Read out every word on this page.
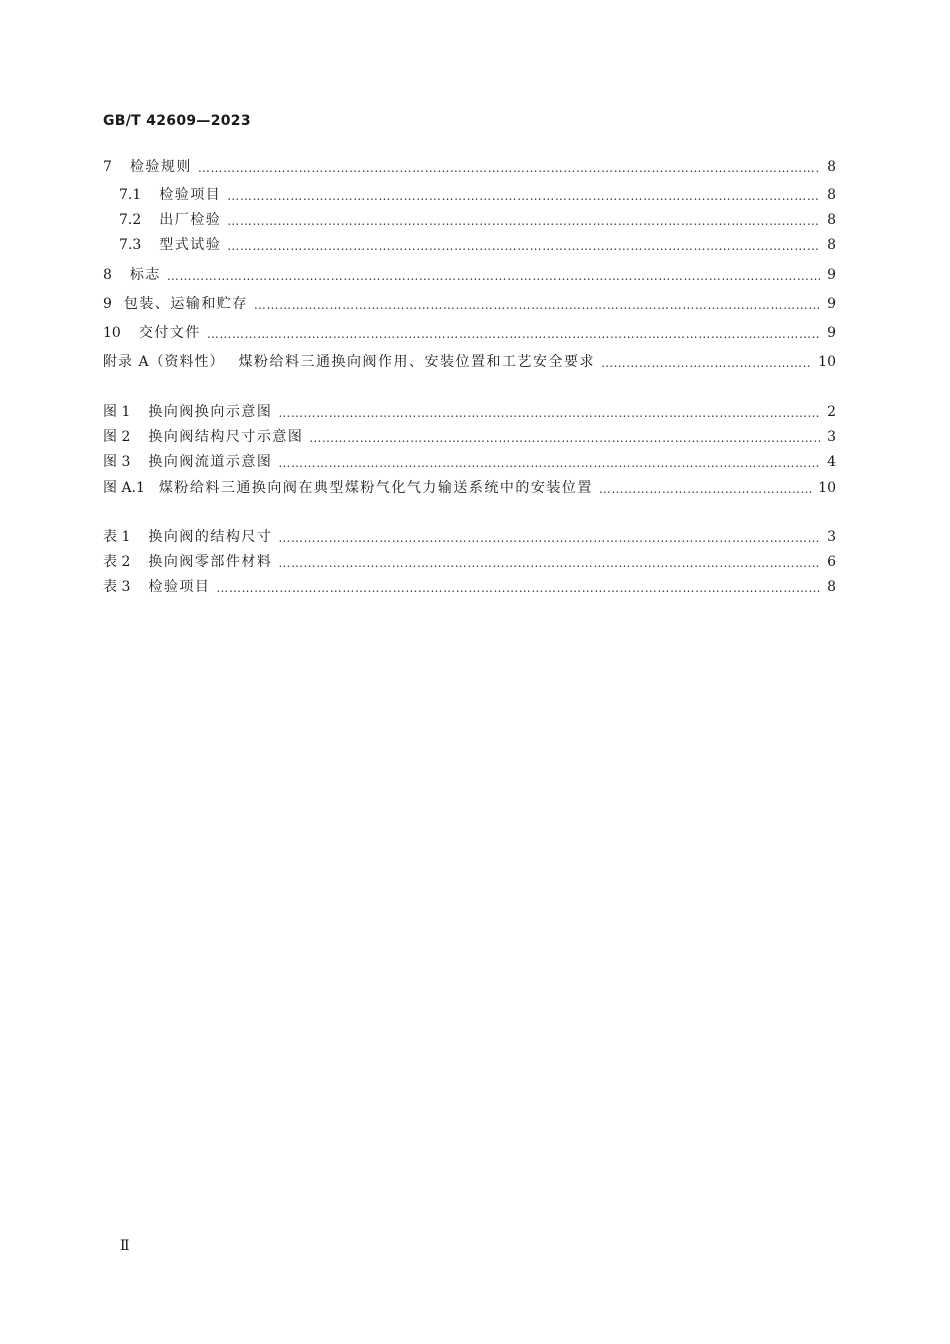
GB/T 42609—2023
7 检验规则 ……………………………………………………………………………………………………………………………………………………………………………………………………………………………………………	8
7.1 检验项目 ……………………………………………………………………………………………………………………………………………………………………………………………………………………………………………	8
7.2 出厂检验 ……………………………………………………………………………………………………………………………………………………………………………………………………………………………………………	8
7.3 型式试验 ……………………………………………………………………………………………………………………………………………………………………………………………………………………………………………	8
8 标志 ……………………………………………………………………………………………………………………………………………………………………………………………………………………………………………	9
9 包装、运输和贮存 ……………………………………………………………………………………………………………………………………………………………………………………………………………………………………………	9
10 交付文件 ……………………………………………………………………………………………………………………………………………………………………………………………………………………………………………	9
附录 A（资料性） 煤粉给料三通换向阀作用、安装位置和工艺安全要求 ……………………………………………………………………………………………………………………………………………………………………………………………………………………………………………	10
图 1 换向阀换向示意图 ……………………………………………………………………………………………………………………………………………………………………………………………………………………………………………	2
图 2 换向阀结构尺寸示意图 ……………………………………………………………………………………………………………………………………………………………………………………………………………………………………………	3
图 3 换向阀流道示意图 ……………………………………………………………………………………………………………………………………………………………………………………………………………………………………………	4
图 A.1 煤粉给料三通换向阀在典型煤粉气化气力输送系统中的安装位置 ……………………………………………………………………………………………………………………………………………………………………………………………………………………………………………	10
表 1 换向阀的结构尺寸 ……………………………………………………………………………………………………………………………………………………………………………………………………………………………………………	3
表 2 换向阀零部件材料 ……………………………………………………………………………………………………………………………………………………………………………………………………………………………………………	6
表 3 检验项目 ……………………………………………………………………………………………………………………………………………………………………………………………………………………………………………	8
Ⅱ
